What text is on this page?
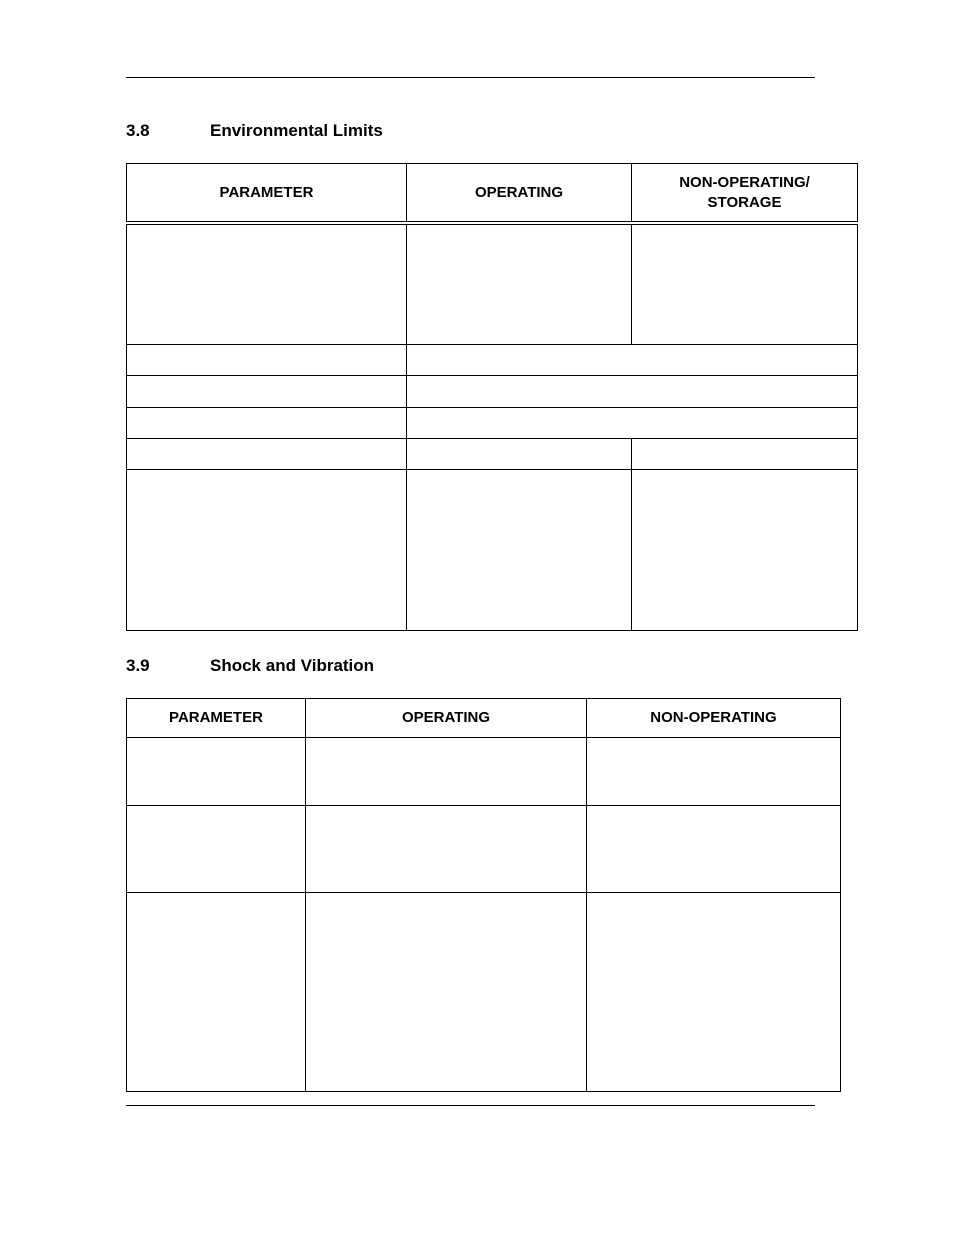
3.8	Environmental Limits
PARAMETER	OPERATING	NON-OPERATING/
STORAGE

3.9	Shock and Vibration
PARAMETER	OPERATING	NON-OPERATING
